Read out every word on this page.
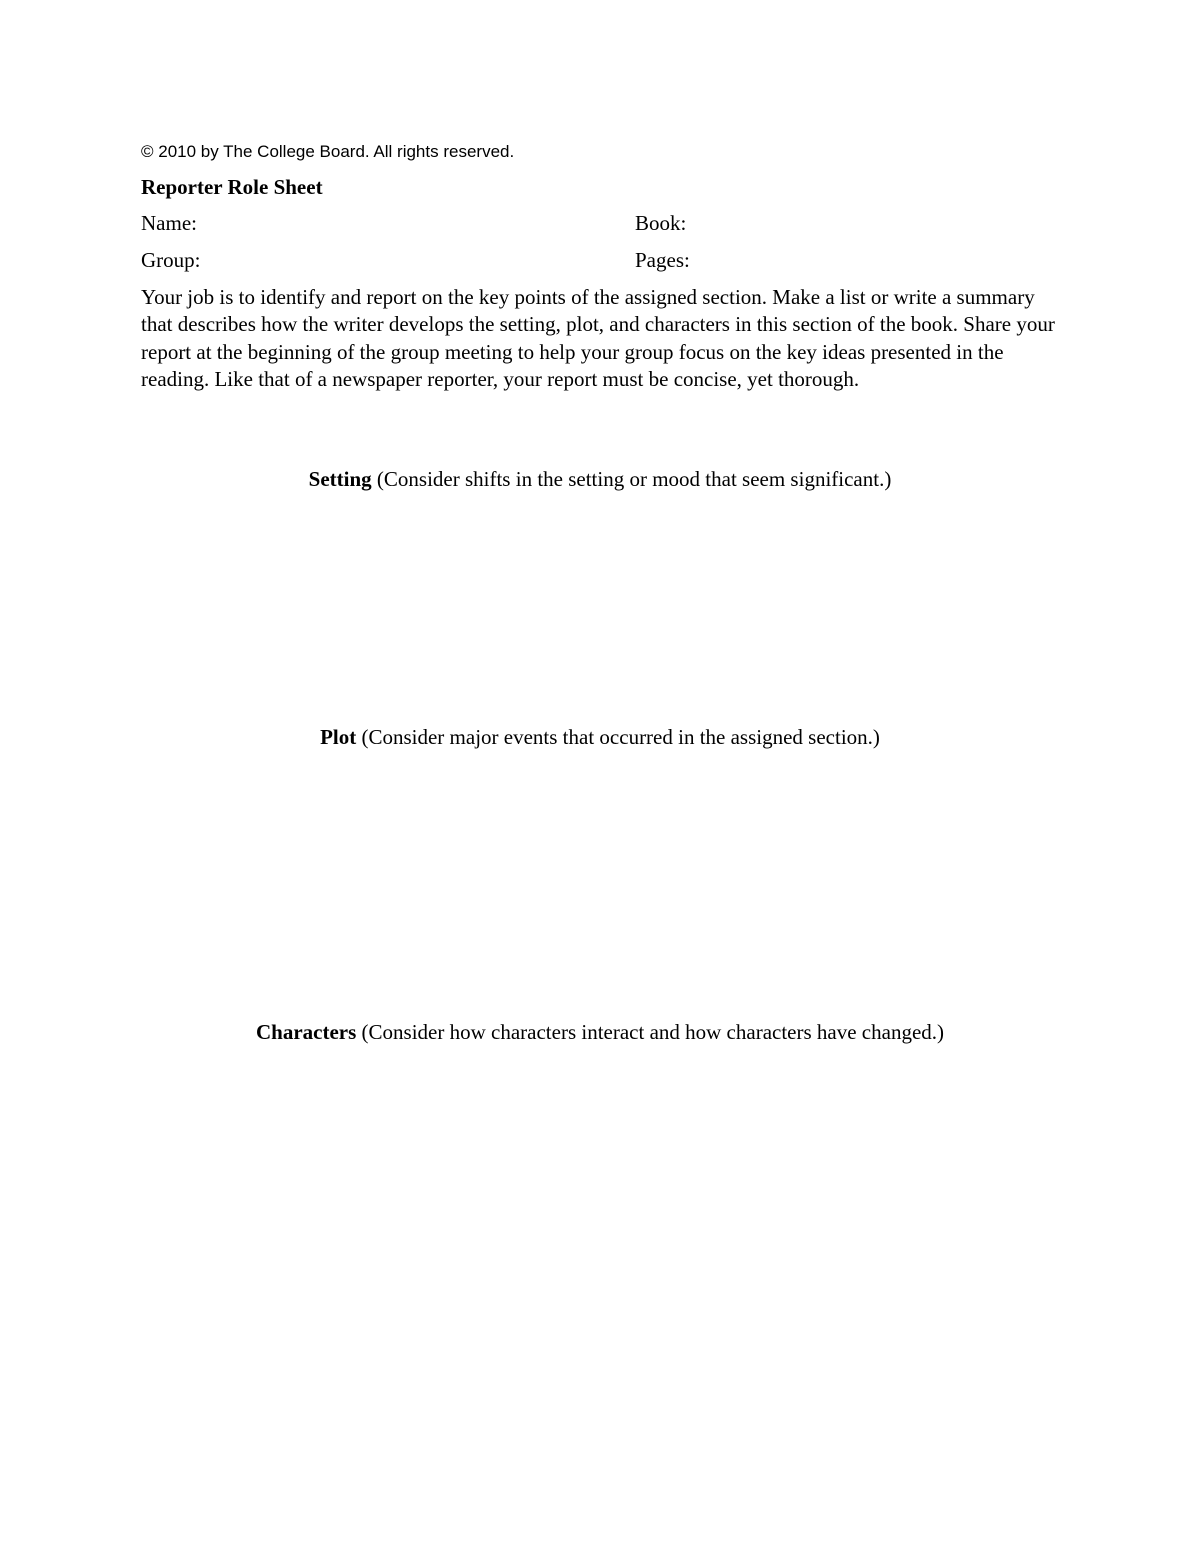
© 2010 by The College Board. All rights reserved.
Reporter Role Sheet
Name:	Book:
Group:	Pages:
Your job is to identify and report on the key points of the assigned section. Make a list or write a summary that describes how the writer develops the setting, plot, and characters in this section of the book. Share your report at the beginning of the group meeting to help your group focus on the key ideas presented in the reading. Like that of a newspaper reporter, your report must be concise, yet thorough.
Setting (Consider shifts in the setting or mood that seem significant.)
Plot (Consider major events that occurred in the assigned section.)
Characters (Consider how characters interact and how characters have changed.)
